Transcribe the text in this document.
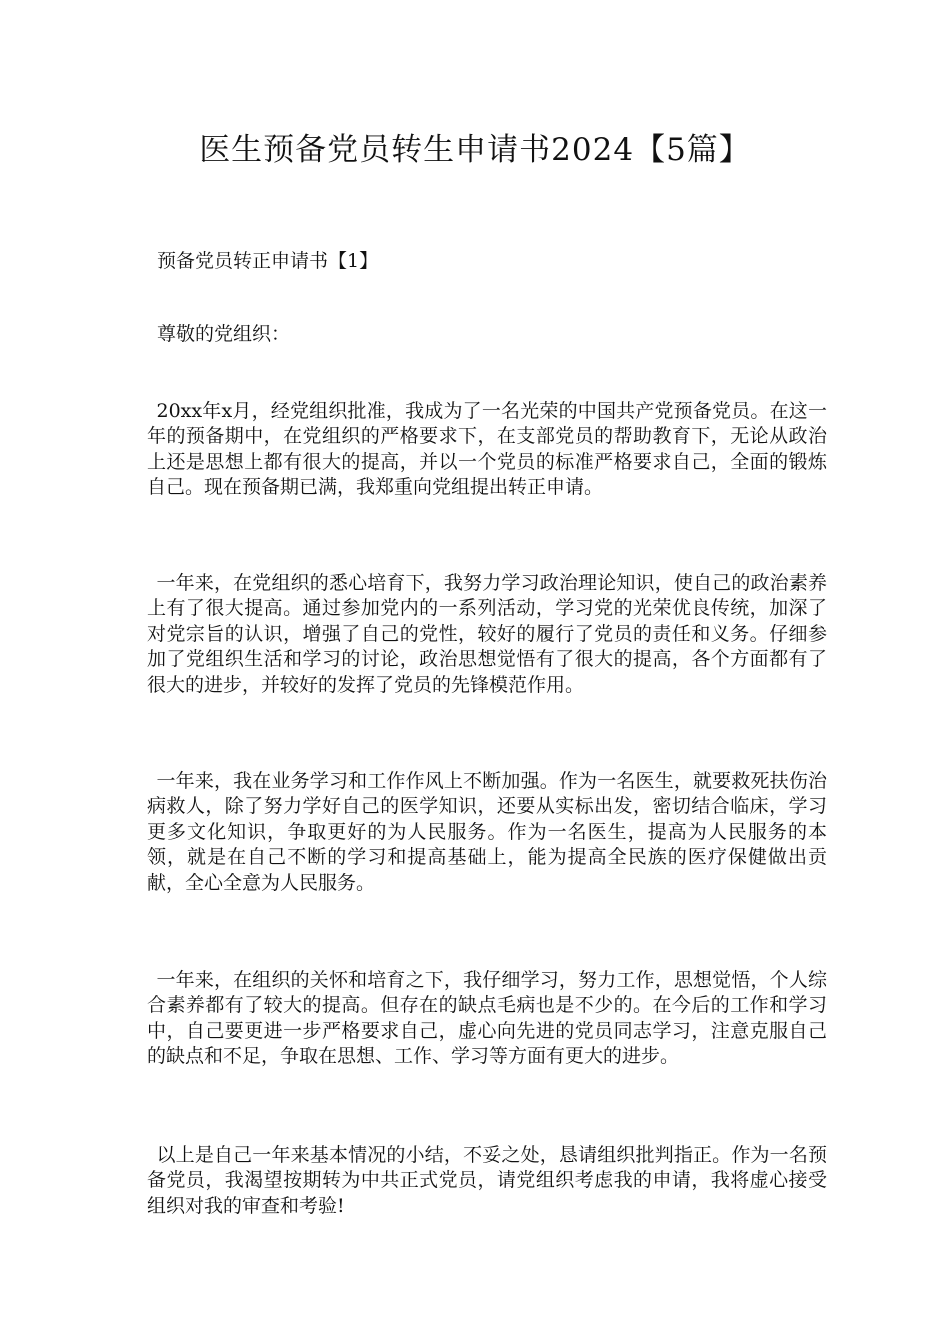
医生预备党员转生申请书2024【5篇】

预备党员转正申请书【1】

尊敬的党组织：

20xx年x月，经党组织批准，我成为了一名光荣的中国共产党预备党员。在这一年的预备期中，在党组织的严格要求下，在支部党员的帮助教育下，无论从政治上还是思想上都有很大的提高，并以一个党员的标准严格要求自己，全面的锻炼自己。现在预备期已满，我郑重向党组提出转正申请。

一年来，在党组织的悉心培育下，我努力学习政治理论知识，使自己的政治素养上有了很大提高。通过参加党内的一系列活动，学习党的光荣优良传统，加深了对党宗旨的认识，增强了自己的党性，较好的履行了党员的责任和义务。仔细参加了党组织生活和学习的讨论，政治思想觉悟有了很大的提高，各个方面都有了很大的进步，并较好的发挥了党员的先锋模范作用。

一年来，我在业务学习和工作作风上不断加强。作为一名医生，就要救死扶伤治病救人，除了努力学好自己的医学知识，还要从实标出发，密切结合临床，学习更多文化知识，争取更好的为人民服务。作为一名医生，提高为人民服务的本领，就是在自己不断的学习和提高基础上，能为提高全民族的医疗保健做出贡献，全心全意为人民服务。

一年来，在组织的关怀和培育之下，我仔细学习，努力工作，思想觉悟，个人综合素养都有了较大的提高。但存在的缺点毛病也是不少的。在今后的工作和学习中，自己要更进一步严格要求自己，虚心向先进的党员同志学习，注意克服自己的缺点和不足，争取在思想、工作、学习等方面有更大的进步。

以上是自己一年来基本情况的小结，不妥之处，恳请组织批判指正。作为一名预备党员，我渴望按期转为中共正式党员，请党组织考虑我的申请，我将虚心接受组织对我的审查和考验!
